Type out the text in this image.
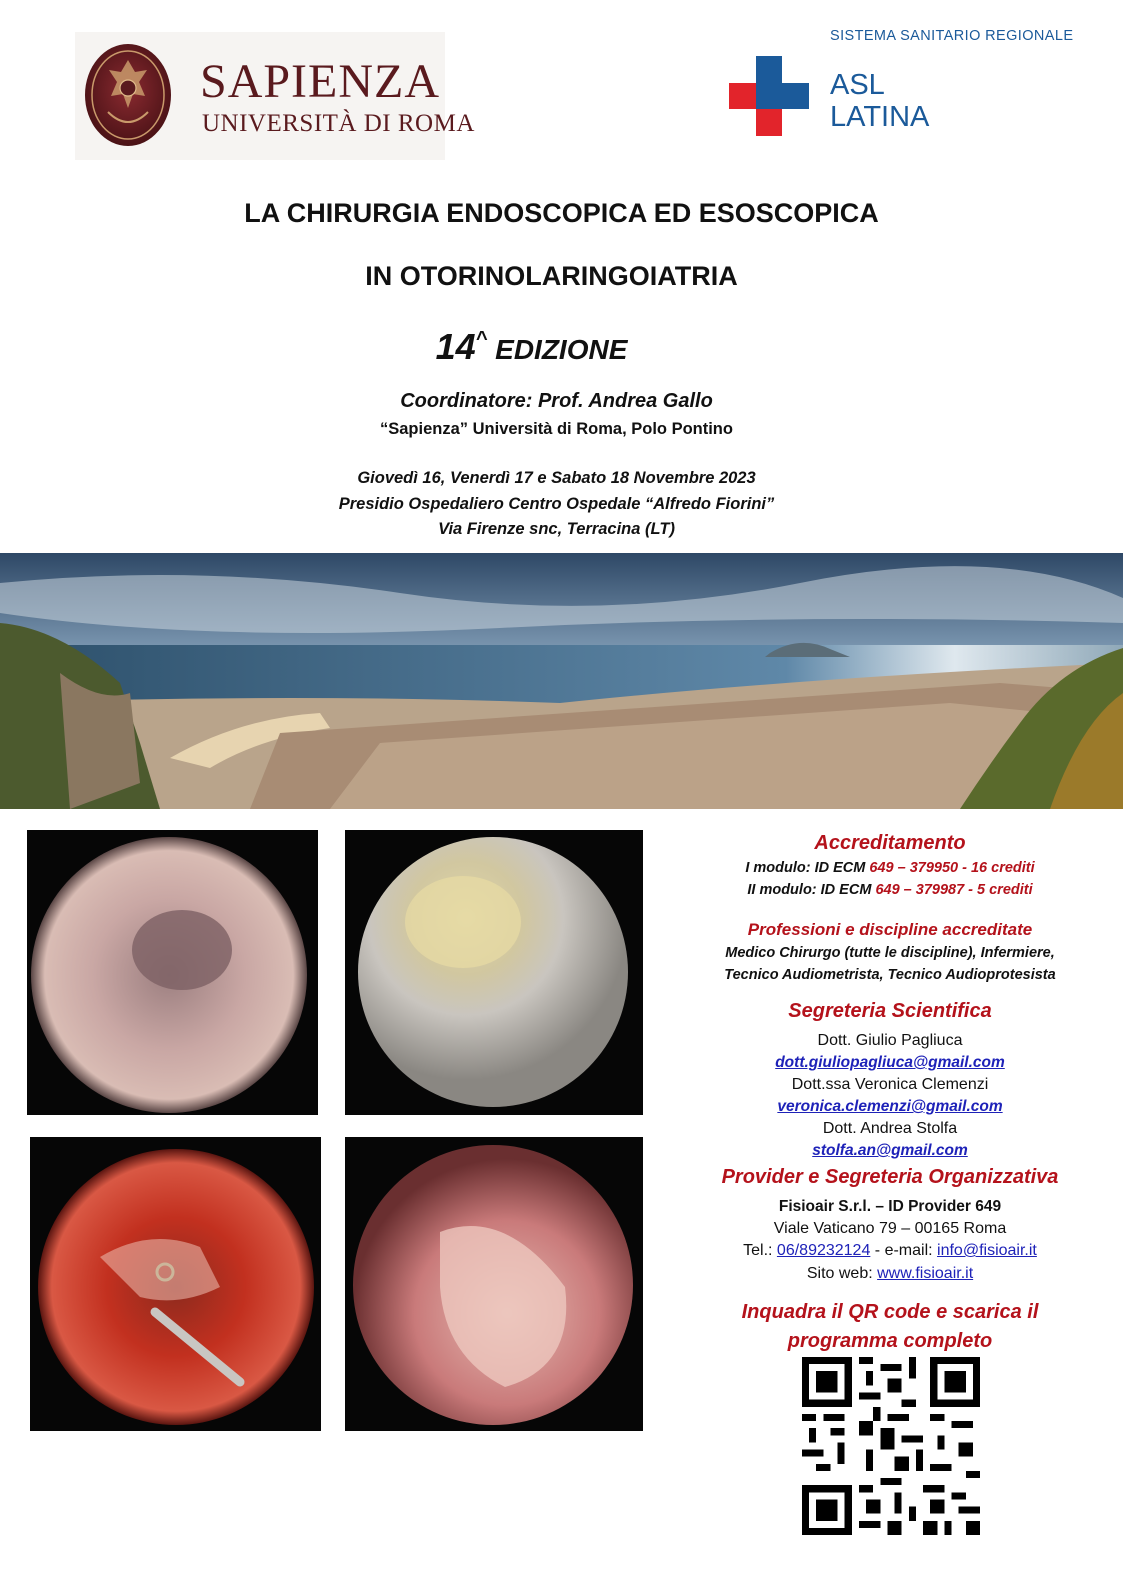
SAPIENZA
UNIVERSITÀ DI ROMA
SISTEMA SANITARIO REGIONALE
ASL
LATINA
LA CHIRURGIA ENDOSCOPICA ED ESOSCOPICA
IN OTORINOLARINGOIATRIA
14^ EDIZIONE
Coordinatore: Prof. Andrea Gallo
“Sapienza” Università di Roma, Polo Pontino
Giovedì 16, Venerdì 17 e Sabato 18 Novembre 2023
Presidio Ospedaliero Centro Ospedale “Alfredo Fiorini”
Via Firenze snc, Terracina (LT)
Accreditamento
I modulo: ID ECM 649 – 379950 - 16 crediti
II modulo: ID ECM 649 – 379987 - 5 crediti
Professioni e discipline accreditate
Medico Chirurgo (tutte le discipline), Infermiere,
Tecnico Audiometrista, Tecnico Audioprotesista
Segreteria Scientifica
Dott. Giulio Pagliuca
dott.giuliopagliuca@gmail.com
Dott.ssa Veronica Clemenzi
veronica.clemenzi@gmail.com
Dott. Andrea Stolfa
stolfa.an@gmail.com
Provider e Segreteria Organizzativa
Fisioair S.r.l. – ID Provider 649
Viale Vaticano 79 – 00165 Roma
Tel.: 06/89232124 - e-mail: info@fisioair.it
Sito web: www.fisioair.it
Inquadra il QR code e scarica il
programma completo
